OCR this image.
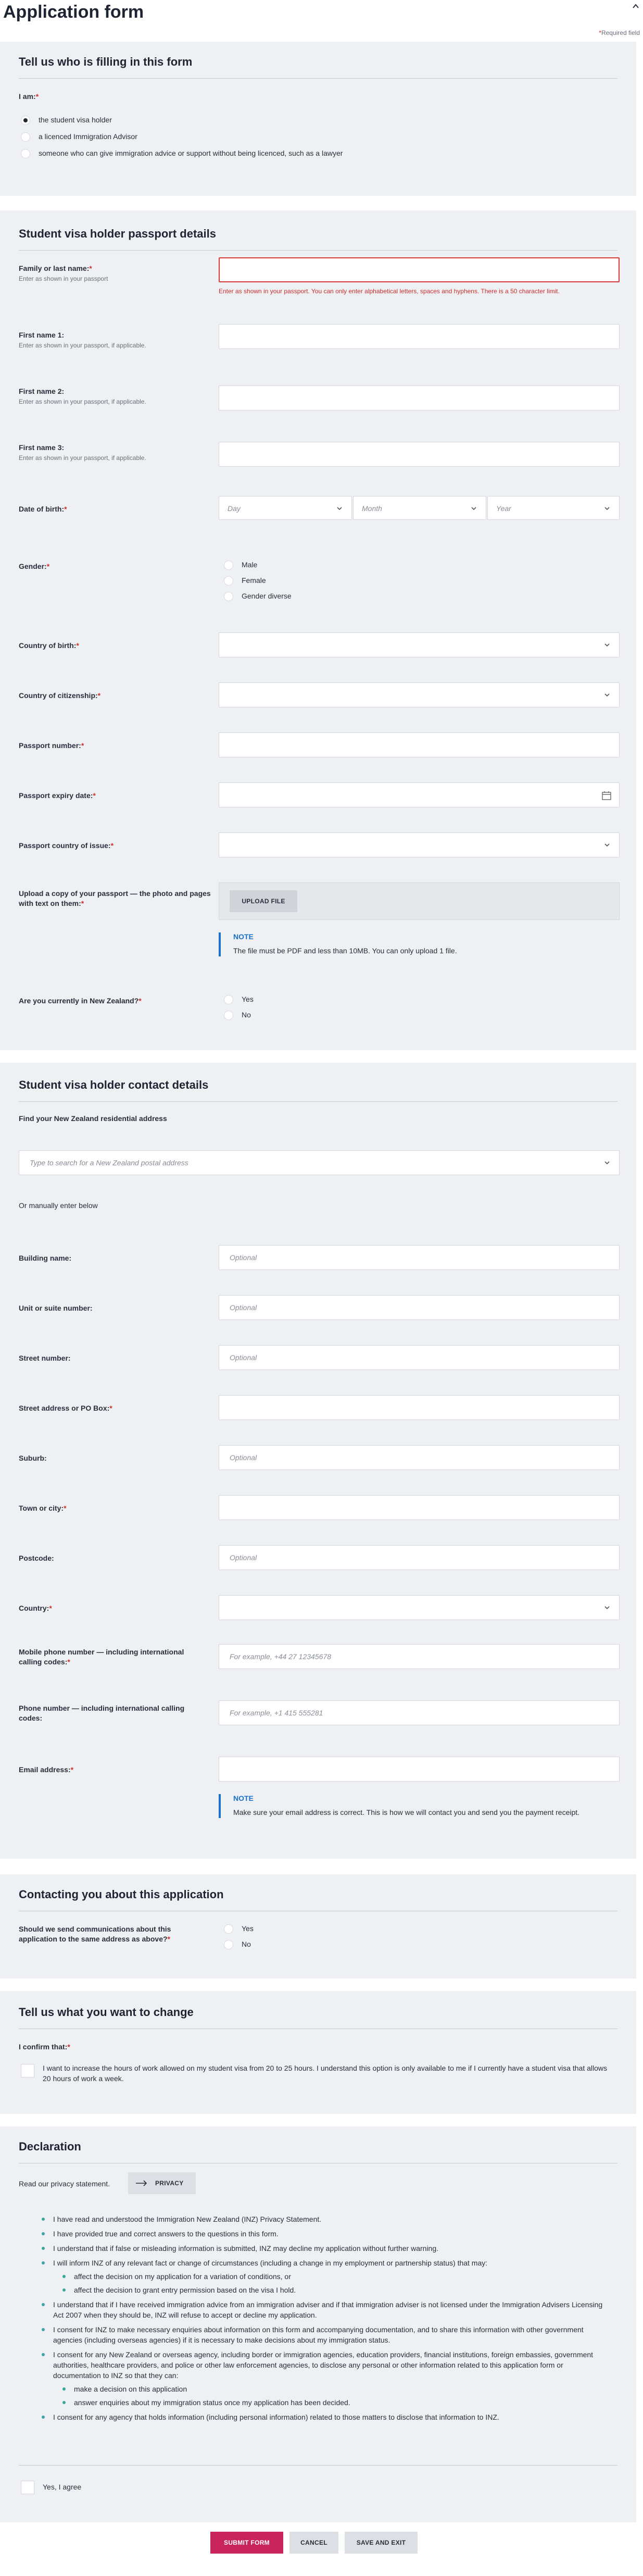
Application form
*Required field
Tell us who is filling in this form
I am:*
the student visa holder
a licenced Immigration Advisor
someone who can give immigration advice or support without being licenced, such as a lawyer
Student visa holder passport details
Family or last name:*
Enter as shown in your passport
Enter as shown in your passport. You can only enter alphabetical letters, spaces and hyphens. There is a 50 character limit.
First name 1:
Enter as shown in your passport, if applicable.
First name 2:
Enter as shown in your passport, if applicable.
First name 3:
Enter as shown in your passport, if applicable.
Date of birth:*	Day	Month	Year
Gender:*	Male
Female
Gender diverse
Country of birth:*
Country of citizenship:*
Passport number:*
Passport expiry date:*
Passport country of issue:*
Upload a copy of your passport — the photo and pages with text on them:*	UPLOAD FILE
NOTE
The file must be PDF and less than 10MB. You can only upload 1 file.
Are you currently in New Zealand?*	Yes
No
Student visa holder contact details
Find your New Zealand residential address
Type to search for a New Zealand postal address
Or manually enter below
Building name:	Optional
Unit or suite number:	Optional
Street number:	Optional
Street address or PO Box:*
Suburb:	Optional
Town or city:*
Postcode:	Optional
Country:*
Mobile phone number — including international calling codes:*
For example, +44 27 12345678
Phone number — including international calling codes:
For example, +1 415 555281
Email address:*
NOTE
Make sure your email address is correct. This is how we will contact you and send you the payment receipt.
Contacting you about this application
Should we send communications about this application to the same address as above?*
Yes
No
Tell us what you want to change
I confirm that:*
I want to increase the hours of work allowed on my student visa from 20 to 25 hours. I understand this option is only available to me if I currently have a student visa that allows 20 hours of work a week.
Declaration
Read our privacy statement.	PRIVACY
I have read and understood the Immigration New Zealand (INZ) Privacy Statement.
I have provided true and correct answers to the questions in this form.
I understand that if false or misleading information is submitted, INZ may decline my application without further warning.
I will inform INZ of any relevant fact or change of circumstances (including a change in my employment or partnership status) that may:
affect the decision on my application for a variation of conditions, or
affect the decision to grant entry permission based on the visa I hold.
I understand that if I have received immigration advice from an immigration adviser and if that immigration adviser is not licensed under the Immigration Advisers Licensing Act 2007 when they should be, INZ will refuse to accept or decline my application.
I consent for INZ to make necessary enquiries about information on this form and accompanying documentation, and to share this information with other government agencies (including overseas agencies) if it is necessary to make decisions about my immigration status.
I consent for any New Zealand or overseas agency, including border or immigration agencies, education providers, financial institutions, foreign embassies, government authorities, healthcare providers, and police or other law enforcement agencies, to disclose any personal or other information related to this application form or documentation to INZ so that they can:
make a decision on this application
answer enquiries about my immigration status once my application has been decided.
I consent for any agency that holds information (including personal information) related to those matters to disclose that information to INZ.
Yes, I agree
SUBMIT FORM	CANCEL	SAVE AND EXIT
